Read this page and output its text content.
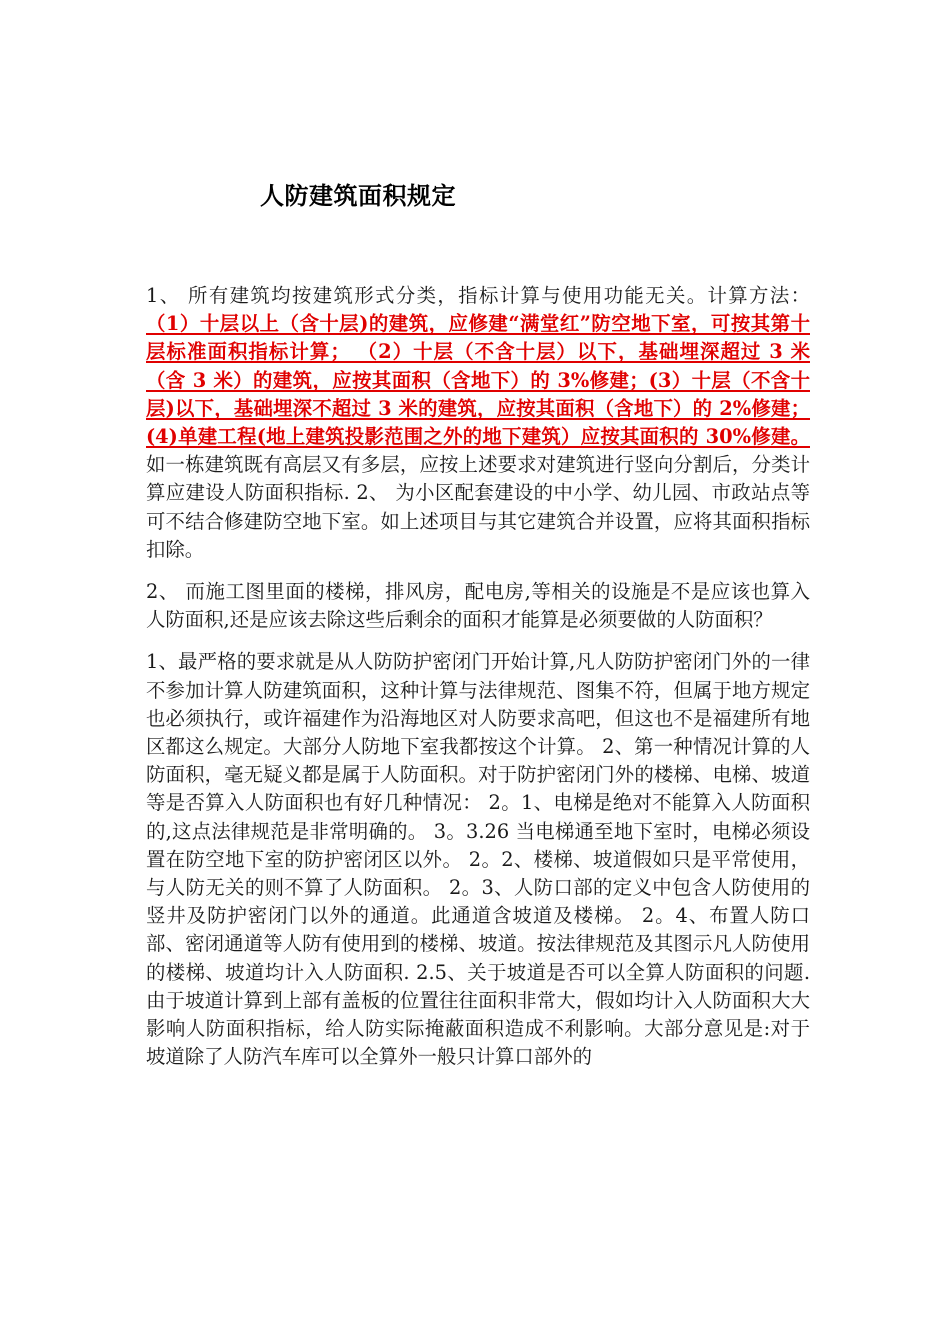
人防建筑面积规定

1、 所有建筑均按建筑形式分类，指标计算与使用功能无关。计算方法： （1）十层以上（含十层)的建筑，应修建“满堂红”防空地下室，可按其第十层标准面积指标计算； （2）十层（不含十层）以下，基础埋深超过 3 米（含 3 米）的建筑，应按其面积（含地下）的 3%修建；(3）十层（不含十层)以下，基础埋深不超过 3 米的建筑，应按其面积（含地下）的 2%修建；(4)单建工程(地上建筑投影范围之外的地下建筑）应按其面积的 30%修建。如一栋建筑既有高层又有多层，应按上述要求对建筑进行竖向分割后，分类计算应建设人防面积指标. 2、 为小区配套建设的中小学、幼儿园、市政站点等可不结合修建防空地下室。如上述项目与其它建筑合并设置，应将其面积指标扣除。

2、 而施工图里面的楼梯，排风房，配电房,等相关的设施是不是应该也算入人防面积,还是应该去除这些后剩余的面积才能算是必须要做的人防面积？

1、最严格的要求就是从人防防护密闭门开始计算,凡人防防护密闭门外的一律不参加计算人防建筑面积，这种计算与法律规范、图集不符，但属于地方规定也必须执行，或许福建作为沿海地区对人防要求高吧，但这也不是福建所有地区都这么规定。大部分人防地下室我都按这个计算。 2、第一种情况计算的人防面积，毫无疑义都是属于人防面积。对于防护密闭门外的楼梯、电梯、坡道等是否算入人防面积也有好几种情况： 2。1、电梯是绝对不能算入人防面积的,这点法律规范是非常明确的。 3。3.26 当电梯通至地下室时，电梯必须设置在防空地下室的防护密闭区以外。 2。2、楼梯、坡道假如只是平常使用，与人防无关的则不算了人防面积。 2。3、人防口部的定义中包含人防使用的竖井及防护密闭门以外的通道。此通道含坡道及楼梯。 2。4、布置人防口部、密闭通道等人防有使用到的楼梯、坡道。按法律规范及其图示凡人防使用的楼梯、坡道均计入人防面积. 2.5、关于坡道是否可以全算人防面积的问题.由于坡道计算到上部有盖板的位置往往面积非常大，假如均计入人防面积大大影响人防面积指标，给人防实际掩蔽面积造成不利影响。大部分意见是:对于坡道除了人防汽车库可以全算外一般只计算口部外的
